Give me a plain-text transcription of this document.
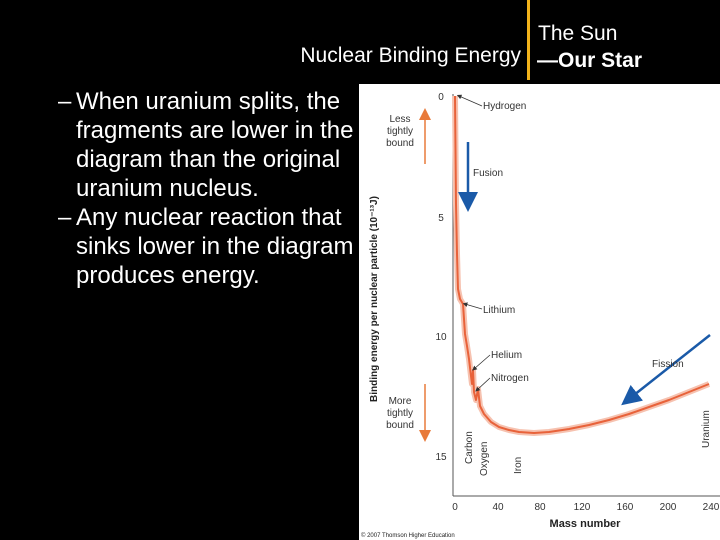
Nuclear Binding Energy
The Sun
—Our Star
– When uranium splits, the fragments are lower in the diagram than the original uranium nucleus.
– Any nuclear reaction that sinks lower in the diagram produces energy.
0
5
10
15
0	40	80	120	160	200	240
Mass number
Binding energy per nuclear particle (10⁻¹³J)
Less
tightly
bound
More
tightly
bound
Fusion
Fission
Hydrogen
Lithium
Helium
Nitrogen
Carbon Oxygen Iron
Uranium
© 2007 Thomson Higher Education
